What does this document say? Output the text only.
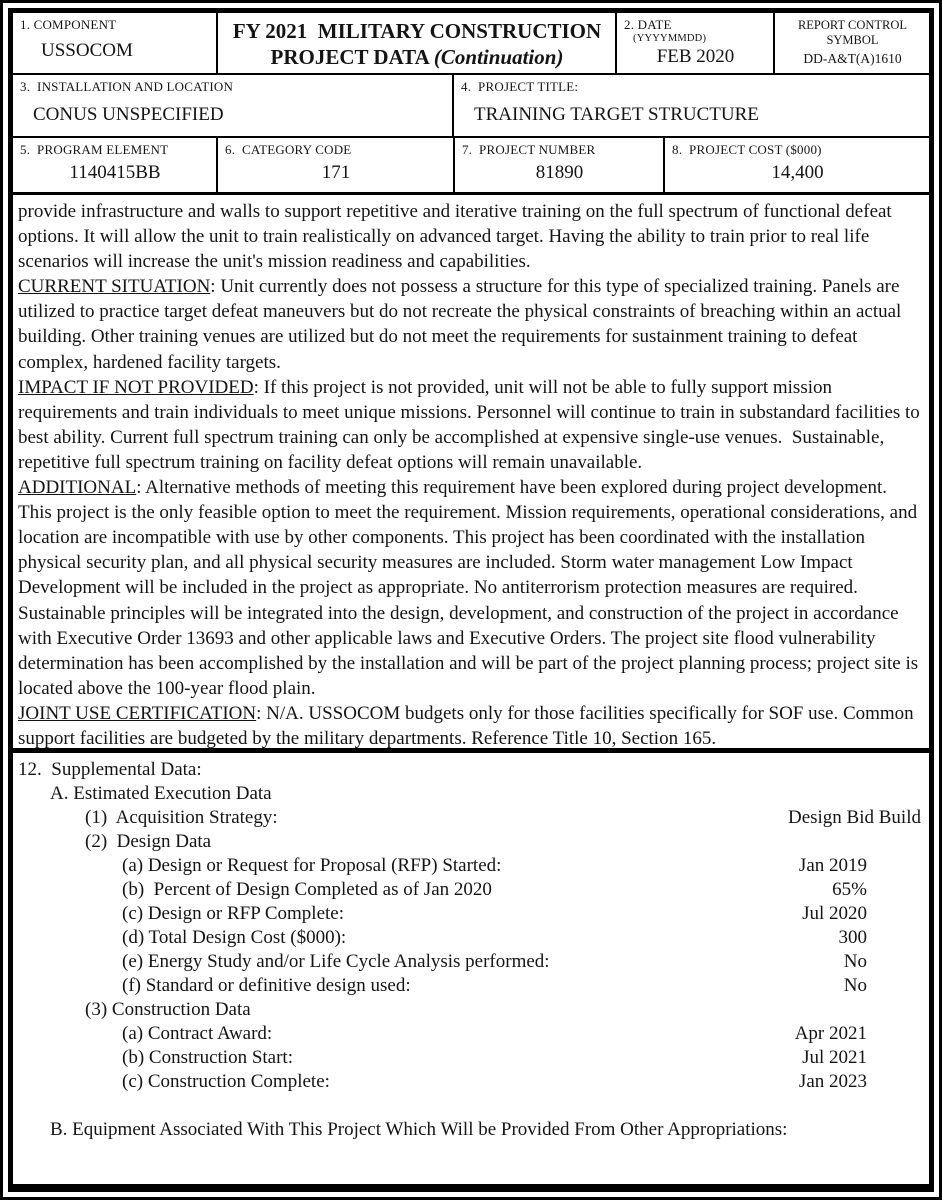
1. COMPONENT
USSOCOM
FY 2021  MILITARY CONSTRUCTION
PROJECT DATA (Continuation)
2. DATE
(YYYYMMDD)
FEB 2020
REPORT CONTROL
SYMBOL
DD-A&T(A)1610
3.  INSTALLATION AND LOCATION
CONUS UNSPECIFIED
4.  PROJECT TITLE:
TRAINING TARGET STRUCTURE
5.  PROGRAM ELEMENT
1140415BB
6.  CATEGORY CODE
171
7.  PROJECT NUMBER
81890
8.  PROJECT COST ($000)
14,400

provide infrastructure and walls to support repetitive and iterative training on the full spectrum of functional defeat options. It will allow the unit to train realistically on advanced target. Having the ability to train prior to real life scenarios will increase the unit's mission readiness and capabilities.

CURRENT SITUATION: Unit currently does not possess a structure for this type of specialized training. Panels are utilized to practice target defeat maneuvers but do not recreate the physical constraints of breaching within an actual building. Other training venues are utilized but do not meet the requirements for sustainment training to defeat complex, hardened facility targets.

IMPACT IF NOT PROVIDED: If this project is not provided, unit will not be able to fully support mission requirements and train individuals to meet unique missions. Personnel will continue to train in substandard facilities to best ability. Current full spectrum training can only be accomplished at expensive single-use venues.  Sustainable, repetitive full spectrum training on facility defeat options will remain unavailable.

ADDITIONAL: Alternative methods of meeting this requirement have been explored during project development. This project is the only feasible option to meet the requirement. Mission requirements, operational considerations, and location are incompatible with use by other components. This project has been coordinated with the installation physical security plan, and all physical security measures are included. Storm water management Low Impact Development will be included in the project as appropriate. No antiterrorism protection measures are required. Sustainable principles will be integrated into the design, development, and construction of the project in accordance with Executive Order 13693 and other applicable laws and Executive Orders. The project site flood vulnerability determination has been accomplished by the installation and will be part of the project planning process; project site is located above the 100-year flood plain.

JOINT USE CERTIFICATION: N/A. USSOCOM budgets only for those facilities specifically for SOF use. Common support facilities are budgeted by the military departments. Reference Title 10, Section 165.

12.  Supplemental Data:
A. Estimated Execution Data
(1)  Acquisition Strategy:	Design Bid Build
(2)  Design Data
(a) Design or Request for Proposal (RFP) Started:	Jan 2019
(b)  Percent of Design Completed as of Jan 2020	65%
(c) Design or RFP Complete:	Jul 2020
(d) Total Design Cost ($000):	300
(e) Energy Study and/or Life Cycle Analysis performed:	No
(f) Standard or definitive design used:	No
(3) Construction Data
(a) Contract Award:	Apr 2021
(b) Construction Start:	Jul 2021
(c) Construction Complete:	Jan 2023
B. Equipment Associated With This Project Which Will be Provided From Other Appropriations:
